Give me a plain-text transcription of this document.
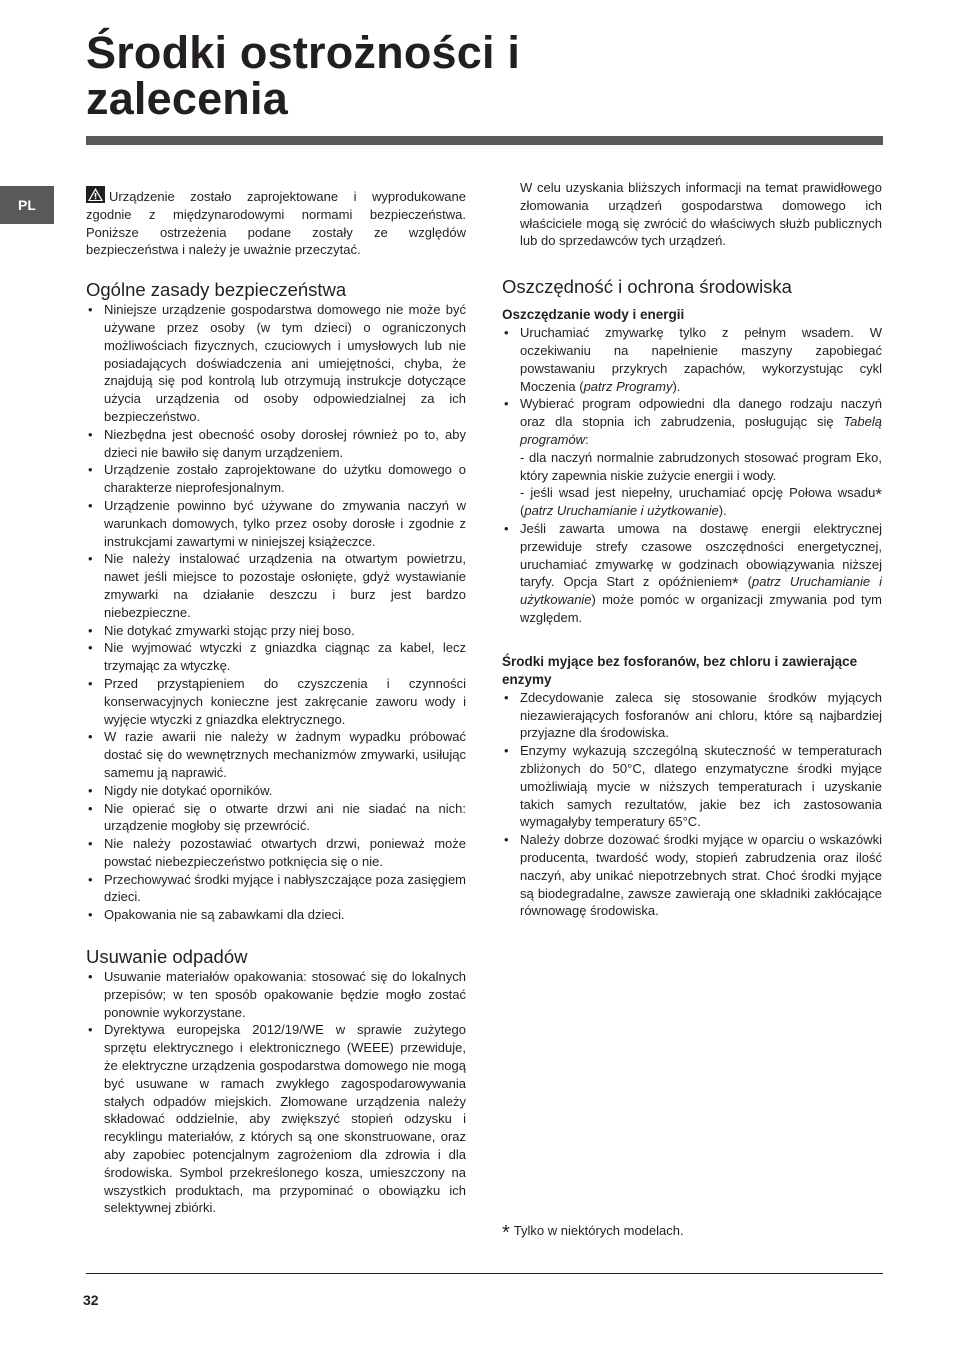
Środki ostrożności i
zalecenia
PL

Urządzenie zostało zaprojektowane i wyprodukowane zgodnie z międzynarodowymi normami bezpieczeństwa. Poniższe ostrzeżenia podane zostały ze względów bezpieczeństwa i należy je uważnie przeczytać.

Ogólne zasady bezpieczeństwa
• Niniejsze urządzenie gospodarstwa domowego nie może być używane przez osoby (w tym dzieci) o ograniczonych możliwościach fizycznych, czuciowych i umysłowych lub nie posiadających doświadczenia ani umiejętności, chyba, że znajdują się pod kontrolą lub otrzymują instrukcje dotyczące użycia urządzenia od osoby odpowiedzialnej za ich bezpieczeństwo.
• Niezbędna jest obecność osoby dorosłej również po to, aby dzieci nie bawiło się danym urządzeniem.
• Urządzenie zostało zaprojektowane do użytku domowego o charakterze nieprofesjonalnym.
• Urządzenie powinno być używane do zmywania naczyń w warunkach domowych, tylko przez osoby dorosłe i zgodnie z instrukcjami zawartymi w niniejszej książeczce.
• Nie należy instalować urządzenia na otwartym powietrzu, nawet jeśli miejsce to pozostaje osłonięte, gdyż wystawianie zmywarki na działanie deszczu i burz jest bardzo niebezpieczne.
• Nie dotykać zmywarki stojąc przy niej boso.
• Nie wyjmować wtyczki z gniazdka ciągnąc za kabel, lecz trzymając za wtyczkę.
• Przed przystąpieniem do czyszczenia i czynności konserwacyjnych konieczne jest zakręcanie zaworu wody i wyjęcie wtyczki z gniazdka elektrycznego.
• W razie awarii nie należy w żadnym wypadku próbować dostać się do wewnętrznych mechanizmów zmywarki, usiłując samemu ją naprawić.
• Nigdy nie dotykać oporników.
• Nie opierać się o otwarte drzwi ani nie siadać na nich: urządzenie mogłoby się przewrócić.
• Nie należy pozostawiać otwartych drzwi, ponieważ może powstać niebezpieczeństwo potknięcia się o nie.
• Przechowywać środki myjące i nabłyszczające poza zasięgiem dzieci.
• Opakowania nie są zabawkami dla dzieci.
Usuwanie odpadów
• Usuwanie materiałów opakowania: stosować się do lokalnych przepisów; w ten sposób opakowanie będzie mogło zostać ponownie wykorzystane.
• Dyrektywa europejska 2012/19/WE w sprawie zużytego sprzętu elektrycznego i elektronicznego (WEEE) przewiduje, że elektryczne urządzenia gospodarstwa domowego nie mogą być usuwane w ramach zwykłego zagospodarowywania stałych odpadów miejskich. Złomowane urządzenia należy składować oddzielnie, aby zwiększyć stopień odzysku i recyklingu materiałów, z których są one skonstruowane, oraz aby zapobiec potencjalnym zagrożeniom dla zdrowia i dla środowiska. Symbol przekreślonego kosza, umieszczony na wszystkich produktach, ma przypominać o obowiązku ich selektywnej zbiórki.

W celu uzyskania bliższych informacji na temat prawidłowego złomowania urządzeń gospodarstwa domowego ich właściciele mogą się zwrócić do właściwych służb publicznych lub do sprzedawców tych urządzeń.

Oszczędność i ochrona środowiska
Oszczędzanie wody i energii
• Uruchamiać zmywarkę tylko z pełnym wsadem. W oczekiwaniu na napełnienie maszyny zapobiegać powstawaniu przykrych zapachów, wykorzystując cykl Moczenia (patrz Programy).
• Wybierać program odpowiedni dla danego rodzaju naczyń oraz dla stopnia ich zabrudzenia, posługując się Tabelą programów:
- dla naczyń normalnie zabrudzonych stosować program Eko, który zapewnia niskie zużycie energii i wody.
- jeśli wsad jest niepełny, uruchamiać opcję Połowa wsadu* (patrz Uruchamianie i użytkowanie).
• Jeśli zawarta umowa na dostawę energii elektrycznej przewiduje strefy czasowe oszczędności energetycznej, uruchamiać zmywarkę w godzinach obowiązywania niższej taryfy. Opcja Start z opóźnieniem* (patrz Uruchamianie i użytkowanie) może pomóc w organizacji zmywania pod tym względem.
Środki myjące bez fosforanów, bez chloru i zawierające enzymy
• Zdecydowanie zaleca się stosowanie środków myjących niezawierających fosforanów ani chloru, które są najbardziej przyjazne dla środowiska.
• Enzymy wykazują szczególną skuteczność w temperaturach zbliżonych do 50°C, dlatego enzymatyczne środki myjące umożliwiają mycie w niższych temperaturach i uzyskanie takich samych rezultatów, jakie bez ich zastosowania wymagałyby temperatury 65°C.
• Należy dobrze dozować środki myjące w oparciu o wskazówki producenta, twardość wody, stopień zabrudzenia oraz ilość naczyń, aby unikać niepotrzebnych strat. Choć środki myjące są biodegradalne, zawsze zawierają one składniki zakłócające równowagę środowiska.
* Tylko w niektórych modelach.
32
